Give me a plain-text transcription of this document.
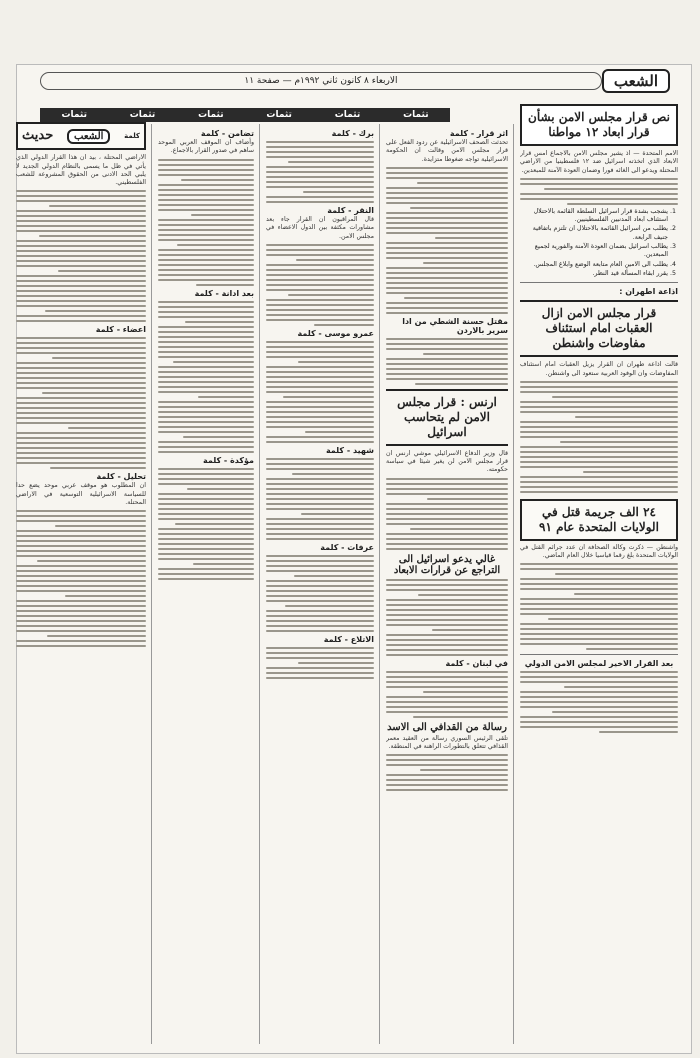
الشعب
الاربعاء ٨ كانون ثاني ١٩٩٢م — صفحة ١١
تثمات
تثمات
تثمات
تثمات
تثمات
تثمات	نص قرار مجلس الامن بشأن قرار ابعاد ١٢ مواطنا

الامم المتحدة — اذ يشير مجلس الامن بالاجماع امس قرار الابعاد الذي اتخذته اسرائيل ضد ١٢ فلسطينيا من الاراضي المحتلة ويدعو الى الغائه فورا وضمان العودة الآمنة للمبعدين.

1. يشجب بشدة قرار اسرائيل السلطة القائمة بالاحتلال استئناف ابعاد المدنيين الفلسطينيين.
2. يطلب من اسرائيل القائمة بالاحتلال ان تلتزم باتفاقية جنيف الرابعة.
3. يطالب اسرائيل بضمان العودة الآمنة والفورية لجميع المبعدين.
4. يطلب الى الامين العام متابعة الوضع وابلاغ المجلس.
5. يقرر ابقاء المسألة قيد النظر.
اذاعة اطهران :
قرار مجلس الامن ازال العقبات امام استئناف مفاوضات واشنطن

قالت اذاعة طهران ان القرار يزيل العقبات امام استئناف المفاوضات وان الوفود العربية ستعود الى واشنطن.

٢٤ الف جريمة قتل في الولايات المتحدة عام ٩١

واشنطن — ذكرت وكالة الصحافة ان عدد جرائم القتل في الولايات المتحدة بلغ رقما قياسيا خلال العام الماضي.

بعد القرار الاخير لمجلس الامن الدولي
اثر قرار - كلمة

تحدثت الصحف الاسرائيلية عن ردود الفعل على قرار مجلس الامن وقالت ان الحكومة الاسرائيلية تواجه ضغوطا متزايدة.

مقتل حسنة الشطي من ادا سرير بالاردن
ارنس : قرار مجلس الامن لم يتحاسب اسرائيل

قال وزير الدفاع الاسرائيلي موشي ارنس ان قرار مجلس الامن لن يغير شيئا في سياسة حكومته.

غالي يدعو اسرائيل الى التراجع عن قرارات الابعاد
في لبنان - كلمة
رسالة من القدافي الى الاسد

تلقى الرئيس السوري رسالة من العقيد معمر القذافي تتعلق بالتطورات الراهنة في المنطقة.

برك - كلمة
النقر - كلمة

قال المراقبون ان القرار جاء بعد مشاورات مكثفة بين الدول الاعضاء في مجلس الامن.

عمرو موسى - كلمة
شهيد - كلمة
عرفات - كلمة
الاتلاع - كلمة
تضامن - كلمة

وأضاف ان الموقف العربي الموحد ساهم في صدور القرار بالاجماع.

بعد ادانة - كلمة
مؤكدة - كلمة
كلمة
الشعب
حديث

الاراضي المحتلة ، بيد ان هذا القرار الدولي الذي يأتي في ظل ما يسمى بالنظام الدولي الجديد لا يلبي الحد الادنى من الحقوق المشروعة للشعب الفلسطيني.

اعضاء - كلمة
تحليل - كلمة

ان المطلوب هو موقف عربي موحد يضع حدا للسياسة الاسرائيلية التوسعية في الاراضي المحتلة.
